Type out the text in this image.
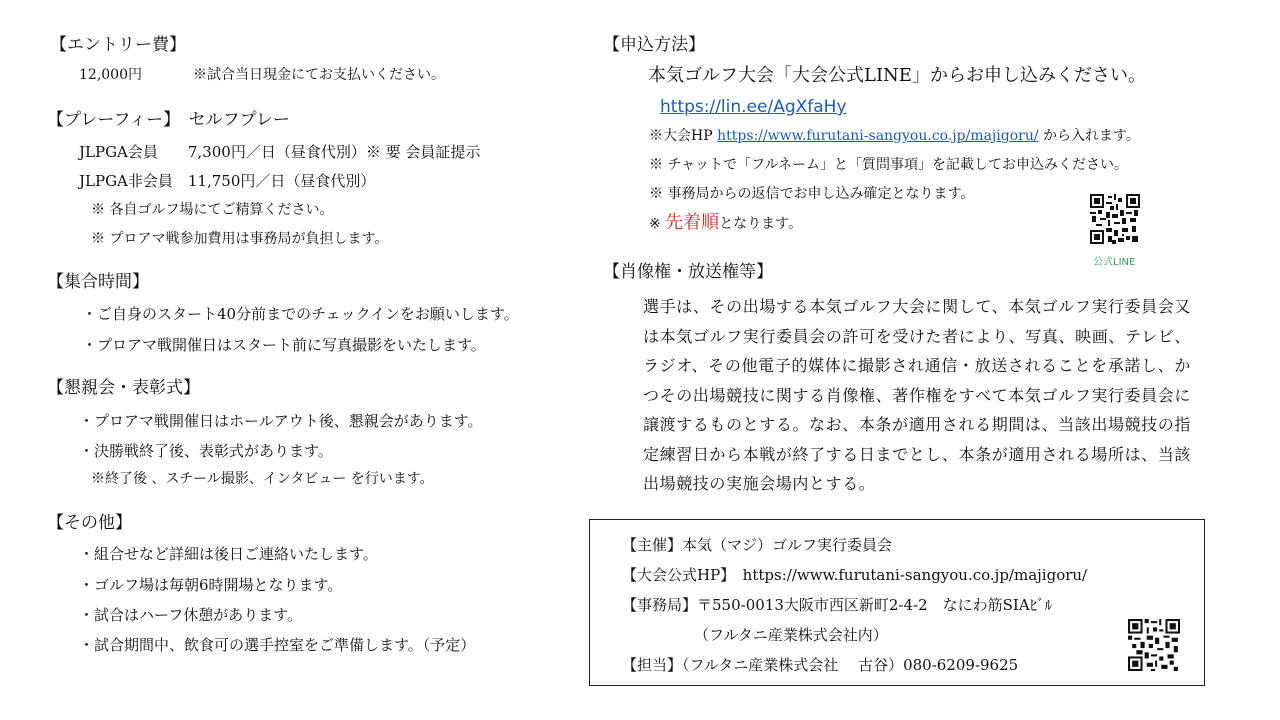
【エントリー費】
12,000円	※試合当日現金にてお支払いください。
【プレーフィー】　セルフプレー
JLPGA会員　　7,300円／日（昼食代別）※ 要 会員証提示
JLPGA非会員　11,750円／日（昼食代別）
※ 各自ゴルフ場にてご精算ください。
※ プロアマ戦参加費用は事務局が負担します。
【集合時間】
・ご自身のスタート40分前までのチェックインをお願いします。
・プロアマ戦開催日はスタート前に写真撮影をいたします。
【懇親会・表彰式】
・プロアマ戦開催日はホールアウト後、懇親会があります。
・決勝戦終了後、表彰式があります。
※終了後 、スチール撮影、インタビュー を行います。
【その他】
・組合せなど詳細は後日ご連絡いたします。
・ゴルフ場は毎朝6時開場となります。
・試合はハーフ休憩があります。
・試合期間中、飲食可の選手控室をご準備します。（予定）
【申込方法】
本気ゴルフ大会「大会公式LINE」からお申し込みください。
https://lin.ee/AgXfaHy
※大会HP https://www.furutani-sangyou.co.jp/majigoru/ から入れます。
※ チャットで「フルネーム」と「質問事項」を記載してお申込みください。
※ 事務局からの返信でお申し込み確定となります。
※ 先着順となります。
公式LINE
【肖像権・放送権等】
選手は、その出場する本気ゴルフ大会に関して、本気ゴルフ実行委員会又は本気ゴルフ実行委員会の許可を受けた者により、写真、映画、テレビ、ラジオ、その他電子的媒体に撮影され通信・放送されることを承諾し、かつその出場競技に関する肖像権、著作権をすべて本気ゴルフ実行委員会に譲渡するものとする。なお、本条が適用される期間は、当該出場競技の指定練習日から本戦が終了する日までとし、本条が適用される場所は、当該出場競技の実施会場内とする。
【主催】本気（マジ）ゴルフ実行委員会
【大会公式HP】　https://www.furutani-sangyou.co.jp/majigoru/
【事務局】〒550-0013大阪市西区新町2-4-2　なにわ筋SIAﾋﾞﾙ
（フルタニ産業株式会社内）
【担当】（フルタニ産業株式会社　 古谷）080-6209-9625
